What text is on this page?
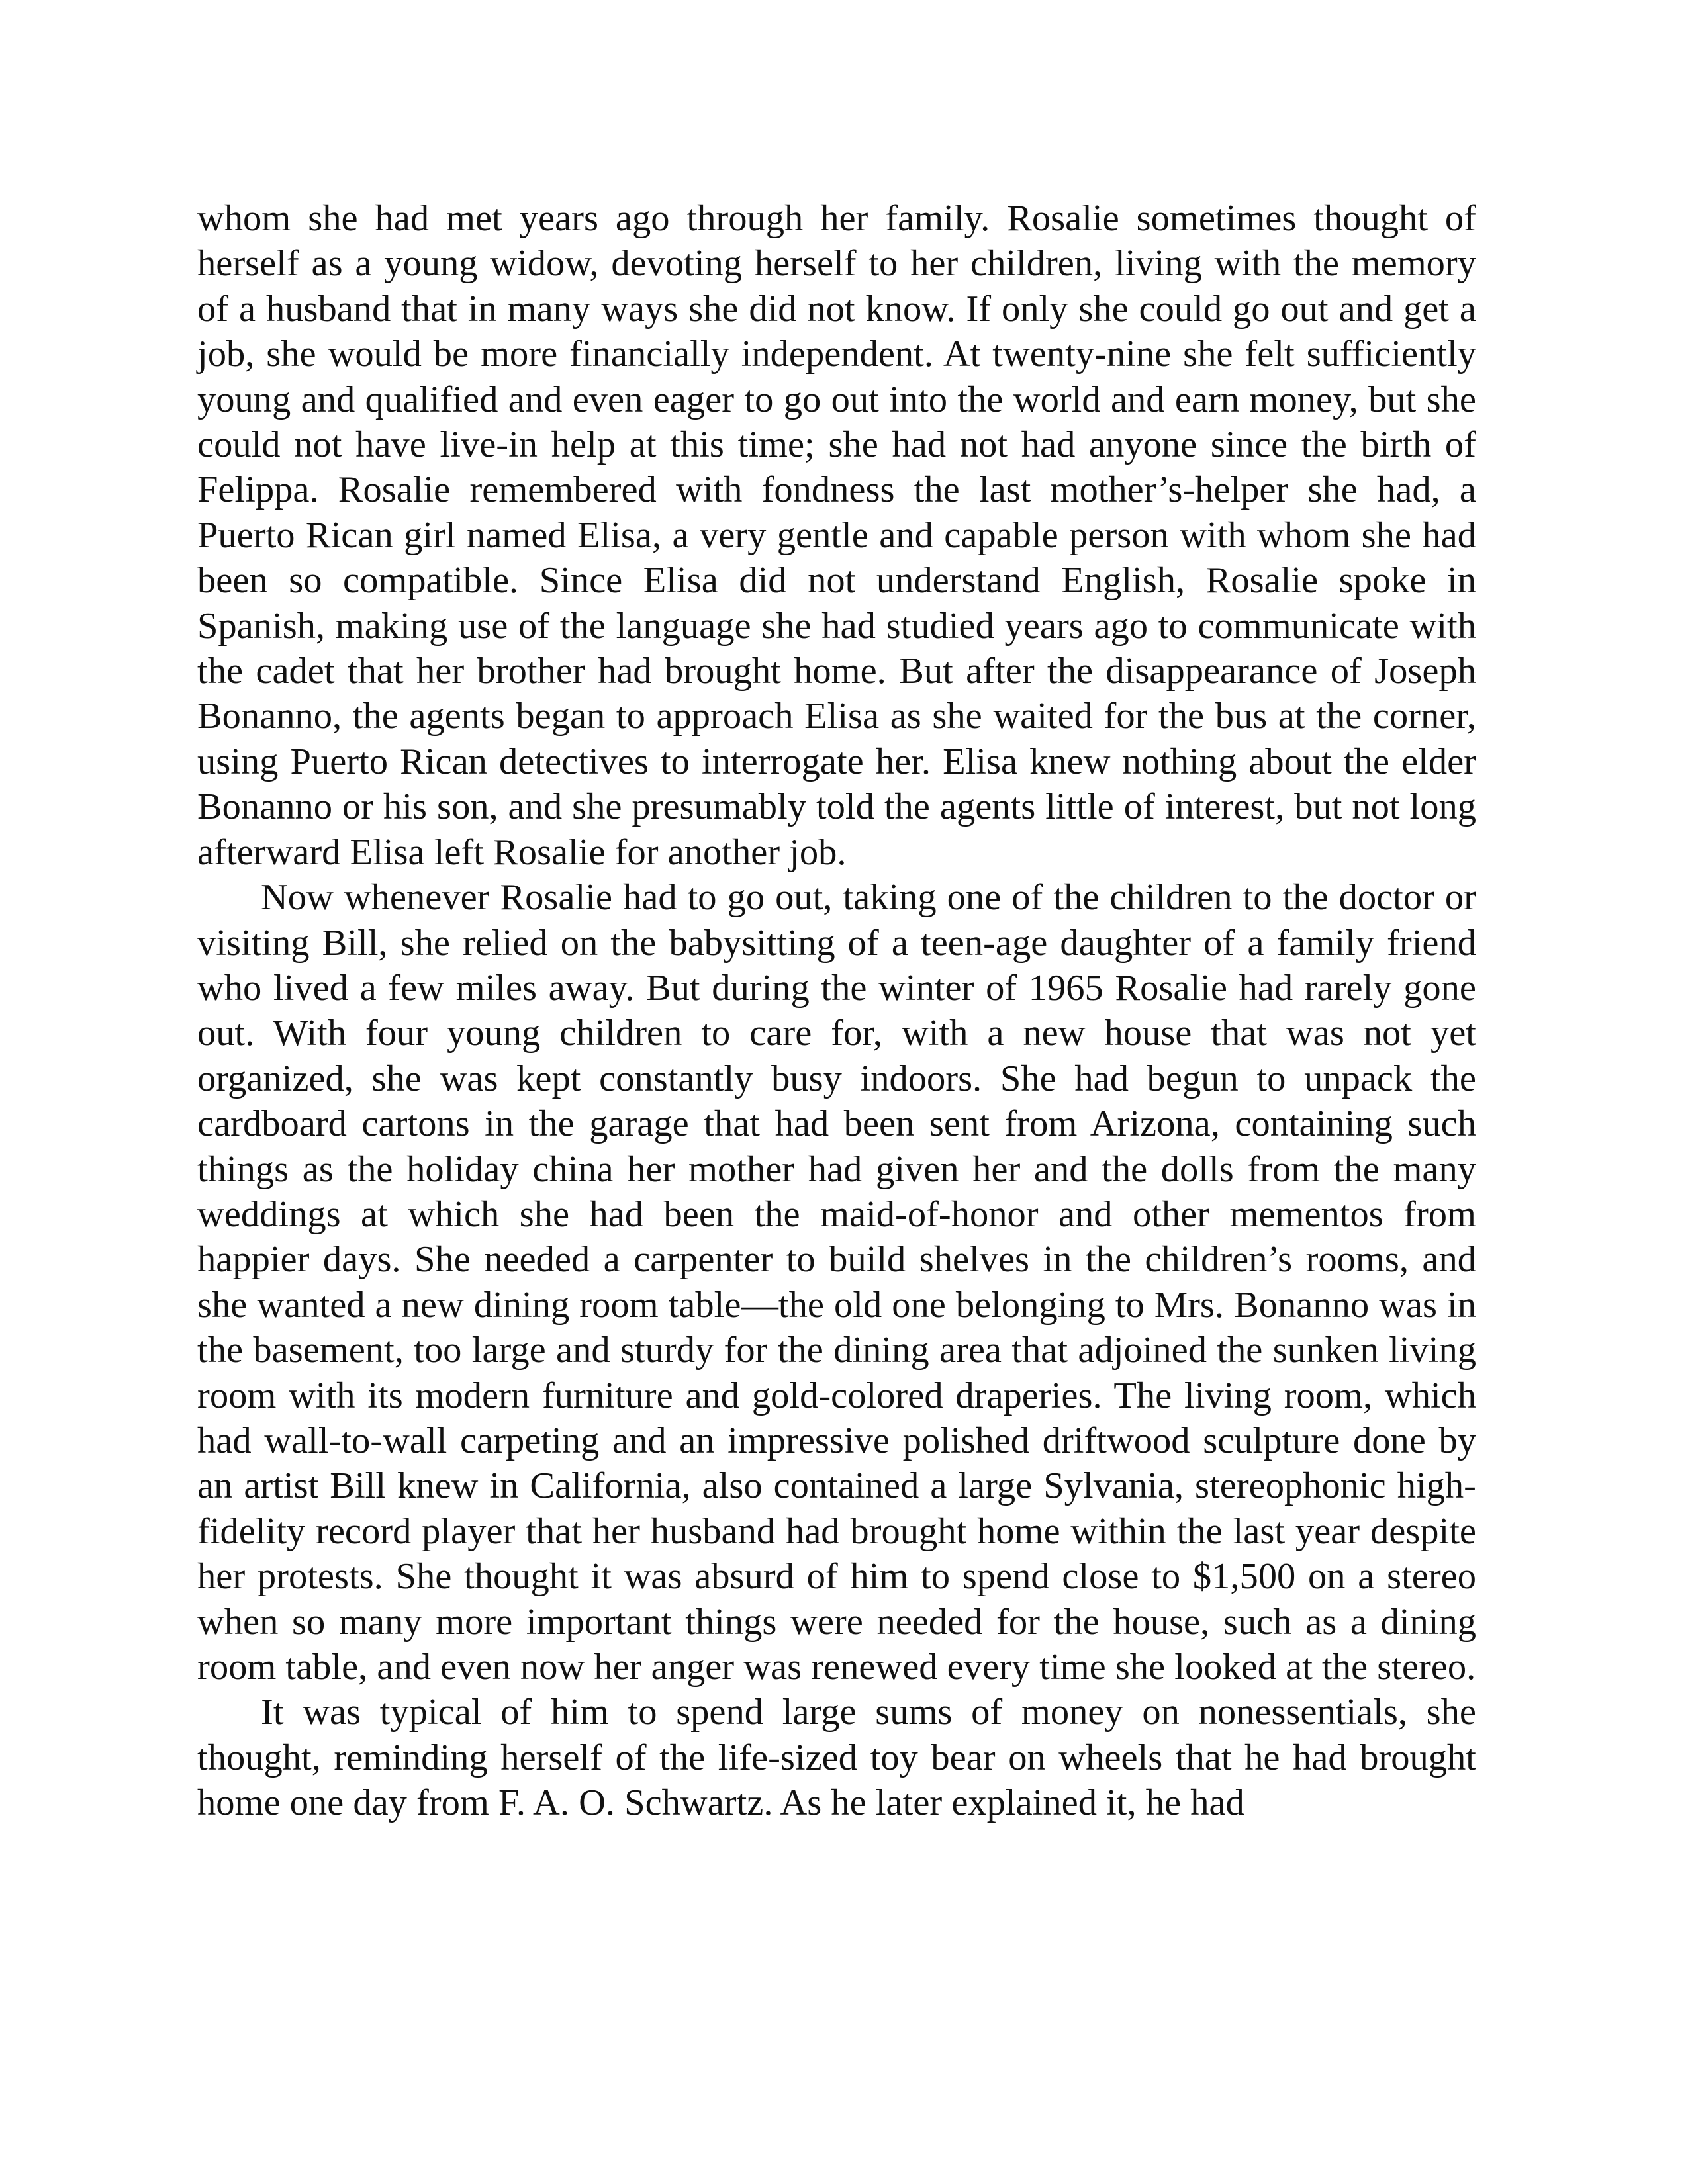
whom she had met years ago through her family. Rosalie sometimes thought of herself as a young widow, devoting herself to her children, living with the memory of a husband that in many ways she did not know. If only she could go out and get a job, she would be more financially independent. At twenty-nine she felt sufficiently young and qualified and even eager to go out into the world and earn money, but she could not have live-in help at this time; she had not had anyone since the birth of Felippa. Rosalie remembered with fondness the last mother’s-helper she had, a Puerto Rican girl named Elisa, a very gentle and capable person with whom she had been so compatible. Since Elisa did not understand English, Rosalie spoke in Spanish, making use of the language she had studied years ago to communicate with the cadet that her brother had brought home. But after the disappearance of Joseph Bonanno, the agents began to approach Elisa as she waited for the bus at the corner, using Puerto Rican detectives to interrogate her. Elisa knew nothing about the elder Bonanno or his son, and she presumably told the agents little of interest, but not long afterward Elisa left Rosalie for another job.

Now whenever Rosalie had to go out, taking one of the children to the doctor or visiting Bill, she relied on the babysitting of a teen-age daughter of a family friend who lived a few miles away. But during the winter of 1965 Rosalie had rarely gone out. With four young children to care for, with a new house that was not yet organized, she was kept constantly busy indoors. She had begun to unpack the cardboard cartons in the garage that had been sent from Arizona, containing such things as the holiday china her mother had given her and the dolls from the many weddings at which she had been the maid-of-honor and other mementos from happier days. She needed a carpenter to build shelves in the children’s rooms, and she wanted a new dining room table—the old one belonging to Mrs. Bonanno was in the basement, too large and sturdy for the dining area that adjoined the sunken living room with its modern furniture and gold-colored draperies. The living room, which had wall-to-wall carpeting and an impressive polished driftwood sculpture done by an artist Bill knew in California, also contained a large Sylvania, stereophonic high-fidelity record player that her husband had brought home within the last year despite her protests. She thought it was absurd of him to spend close to $1,500 on a stereo when so many more important things were needed for the house, such as a dining room table, and even now her anger was renewed every time she looked at the stereo.

It was typical of him to spend large sums of money on nonessentials, she thought, reminding herself of the life-sized toy bear on wheels that he had brought home one day from F. A. O. Schwartz. As he later explained it, he had
